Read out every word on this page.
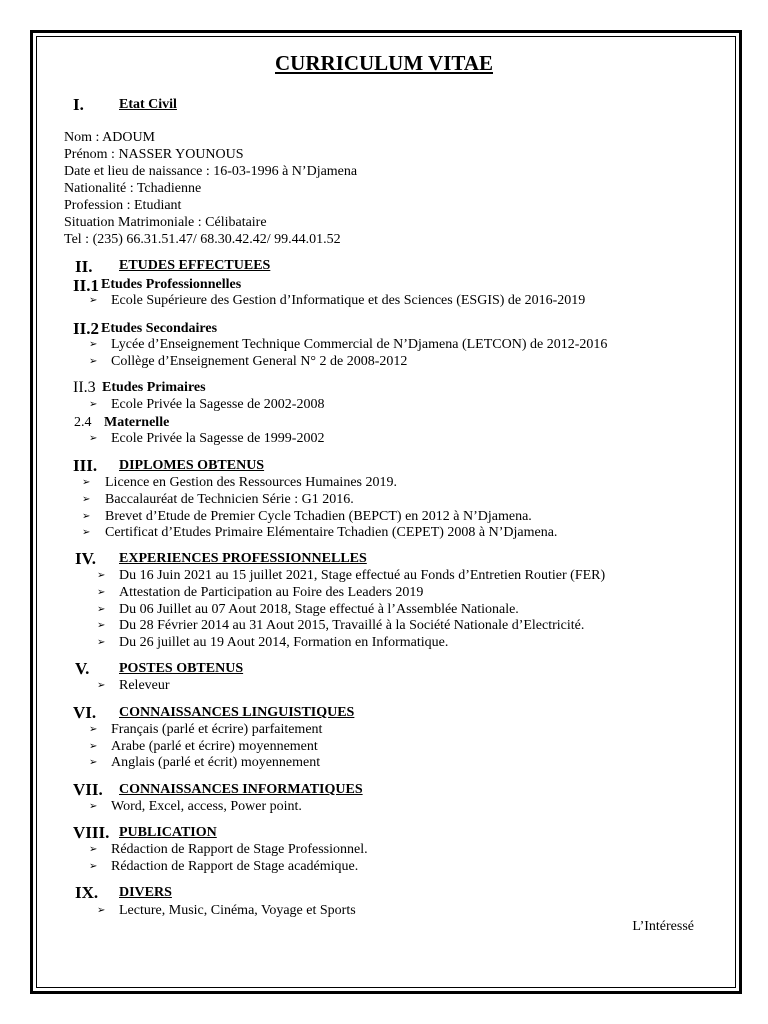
CURRICULUM VITAE
I.	Etat Civil
Nom : ADOUM
Prénom : NASSER YOUNOUS
Date et lieu de naissance : 16-03-1996 à N’Djamena
Nationalité : Tchadienne
Profession : Etudiant
Situation Matrimoniale : Célibataire
Tel : (235) 66.31.51.47/ 68.30.42.42/ 99.44.01.52
II. ETUDES EFFECTUEES
II.1 Etudes Professionnelles
➢ Ecole Supérieure des Gestion d’Informatique et des Sciences (ESGIS) de 2016-2019
II.2 Etudes Secondaires
➢ Lycée d’Enseignement Technique Commercial de N’Djamena (LETCON) de 2012-2016
➢ Collège d’Enseignement General N° 2 de 2008-2012
II.3 Etudes Primaires
➢ Ecole Privée la Sagesse de 2002-2008
2.4 Maternelle
➢ Ecole Privée la Sagesse de 1999-2002
III. DIPLOMES OBTENUS
➢ Licence en Gestion des Ressources Humaines 2019.
➢ Baccalauréat de Technicien Série : G1 2016.
➢ Brevet d’Etude de Premier Cycle Tchadien (BEPCT) en 2012 à N’Djamena.
➢ Certificat d’Etudes Primaire Elémentaire Tchadien (CEPET) 2008 à N’Djamena.
IV. EXPERIENCES PROFESSIONNELLES
➢ Du 16 Juin 2021 au 15 juillet 2021, Stage effectué au Fonds d’Entretien Routier (FER)
➢ Attestation de Participation au Foire des Leaders 2019
➢ Du 06 Juillet au 07 Aout 2018, Stage effectué à l’Assemblée Nationale.
➢ Du 28 Février 2014 au 31 Aout 2015, Travaillé à la Société Nationale d’Electricité.
➢ Du 26 juillet au 19 Aout 2014, Formation en Informatique.
V. POSTES OBTENUS
➢ Releveur
VI. CONNAISSANCES LINGUISTIQUES
➢ Français (parlé et écrire) parfaitement
➢ Arabe (parlé et écrire) moyennement
➢ Anglais (parlé et écrit) moyennement
VII. CONNAISSANCES INFORMATIQUES
➢ Word, Excel, access, Power point.
VIII. PUBLICATION
➢ Rédaction de Rapport de Stage Professionnel.
➢ Rédaction de Rapport de Stage académique.
IX. DIVERS
➢ Lecture, Music, Cinéma, Voyage et Sports
L’Intéressé
